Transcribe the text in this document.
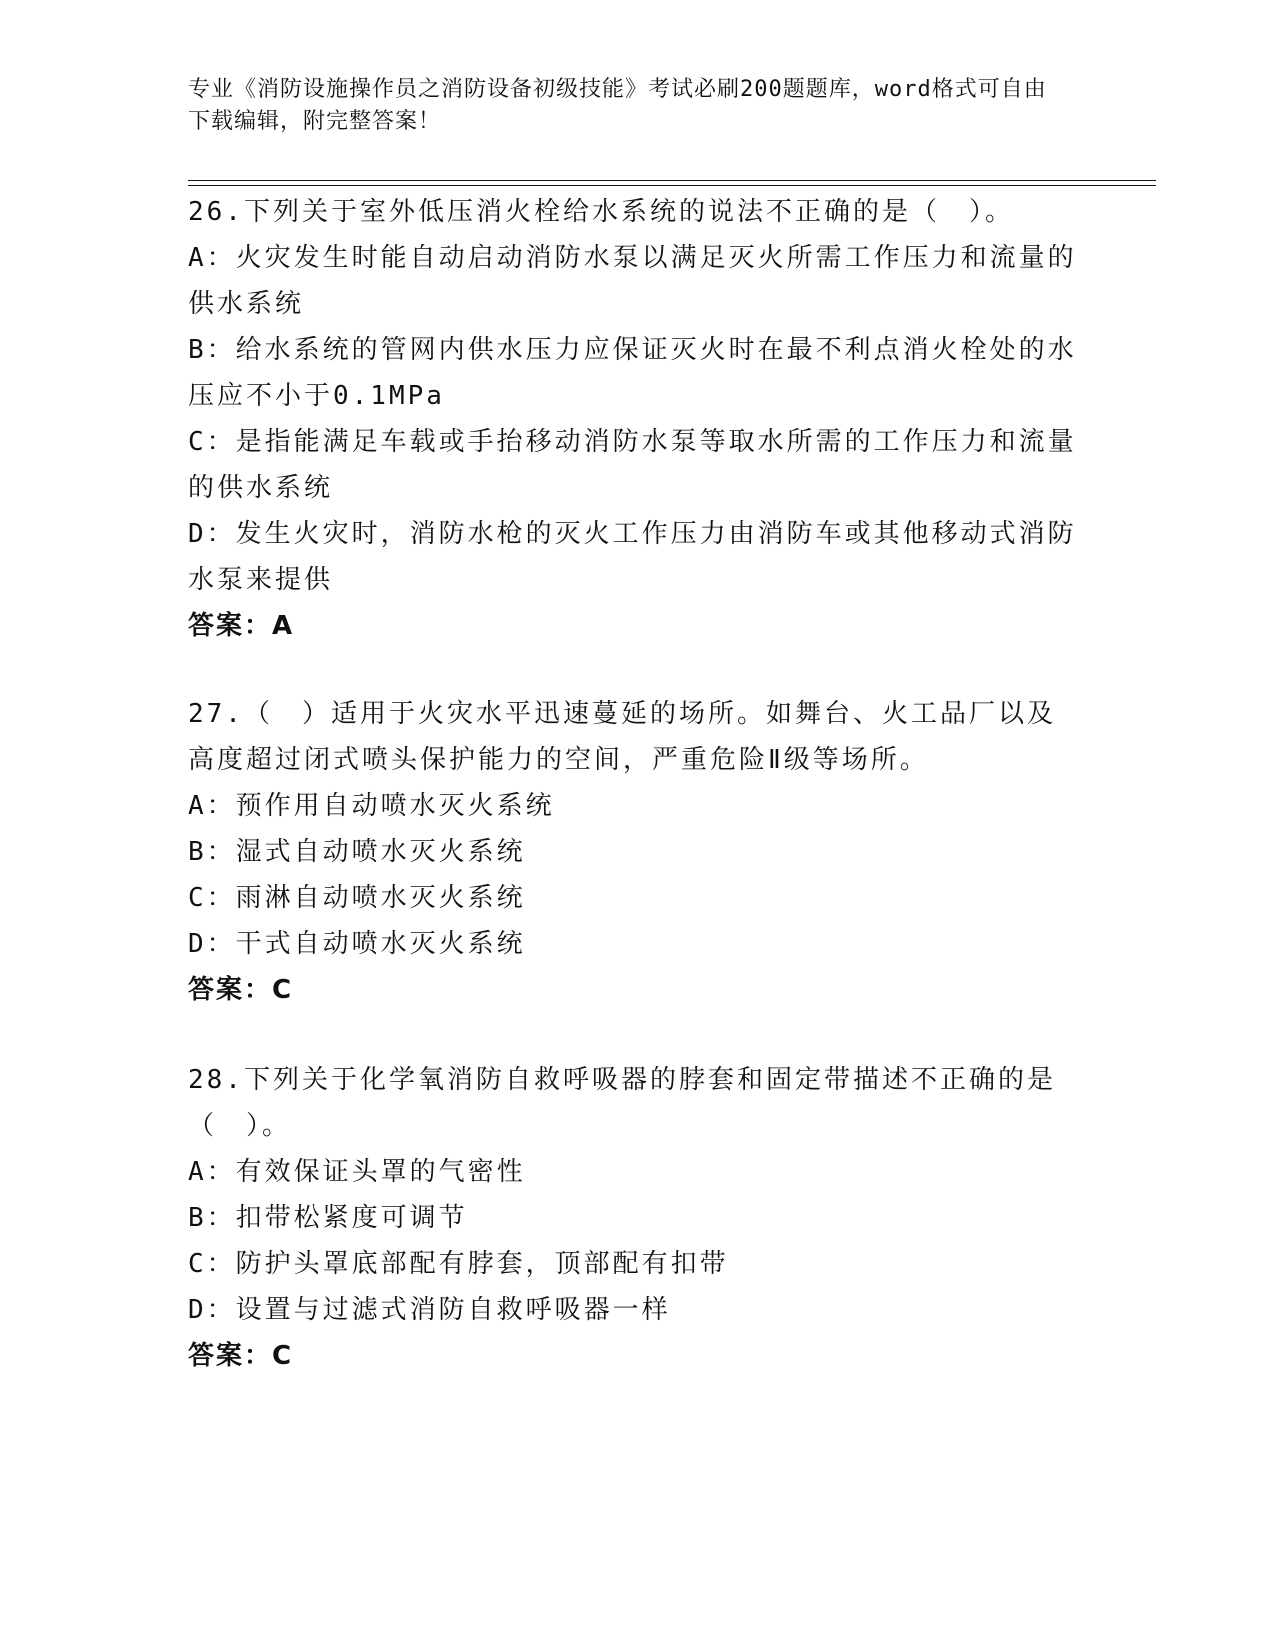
专业《消防设施操作员之消防设备初级技能》考试必刷200题题库，word格式可自由下载编辑，附完整答案！
26.下列关于室外低压消火栓给水系统的说法不正确的是（　）。
A：火灾发生时能自动启动消防水泵以满足灭火所需工作压力和流量的供水系统
B：给水系统的管网内供水压力应保证灭火时在最不利点消火栓处的水压应不小于0.1MPa
C：是指能满足车载或手抬移动消防水泵等取水所需的工作压力和流量的供水系统
D：发生火灾时，消防水枪的灭火工作压力由消防车或其他移动式消防水泵来提供
答案：A
27.（　）适用于火灾水平迅速蔓延的场所。如舞台、火工品厂以及高度超过闭式喷头保护能力的空间，严重危险Ⅱ级等场所。
A：预作用自动喷水灭火系统
B：湿式自动喷水灭火系统
C：雨淋自动喷水灭火系统
D：干式自动喷水灭火系统
答案：C
28.下列关于化学氧消防自救呼吸器的脖套和固定带描述不正确的是（　）。
A：有效保证头罩的气密性
B：扣带松紧度可调节
C：防护头罩底部配有脖套，顶部配有扣带
D：设置与过滤式消防自救呼吸器一样
答案：C
